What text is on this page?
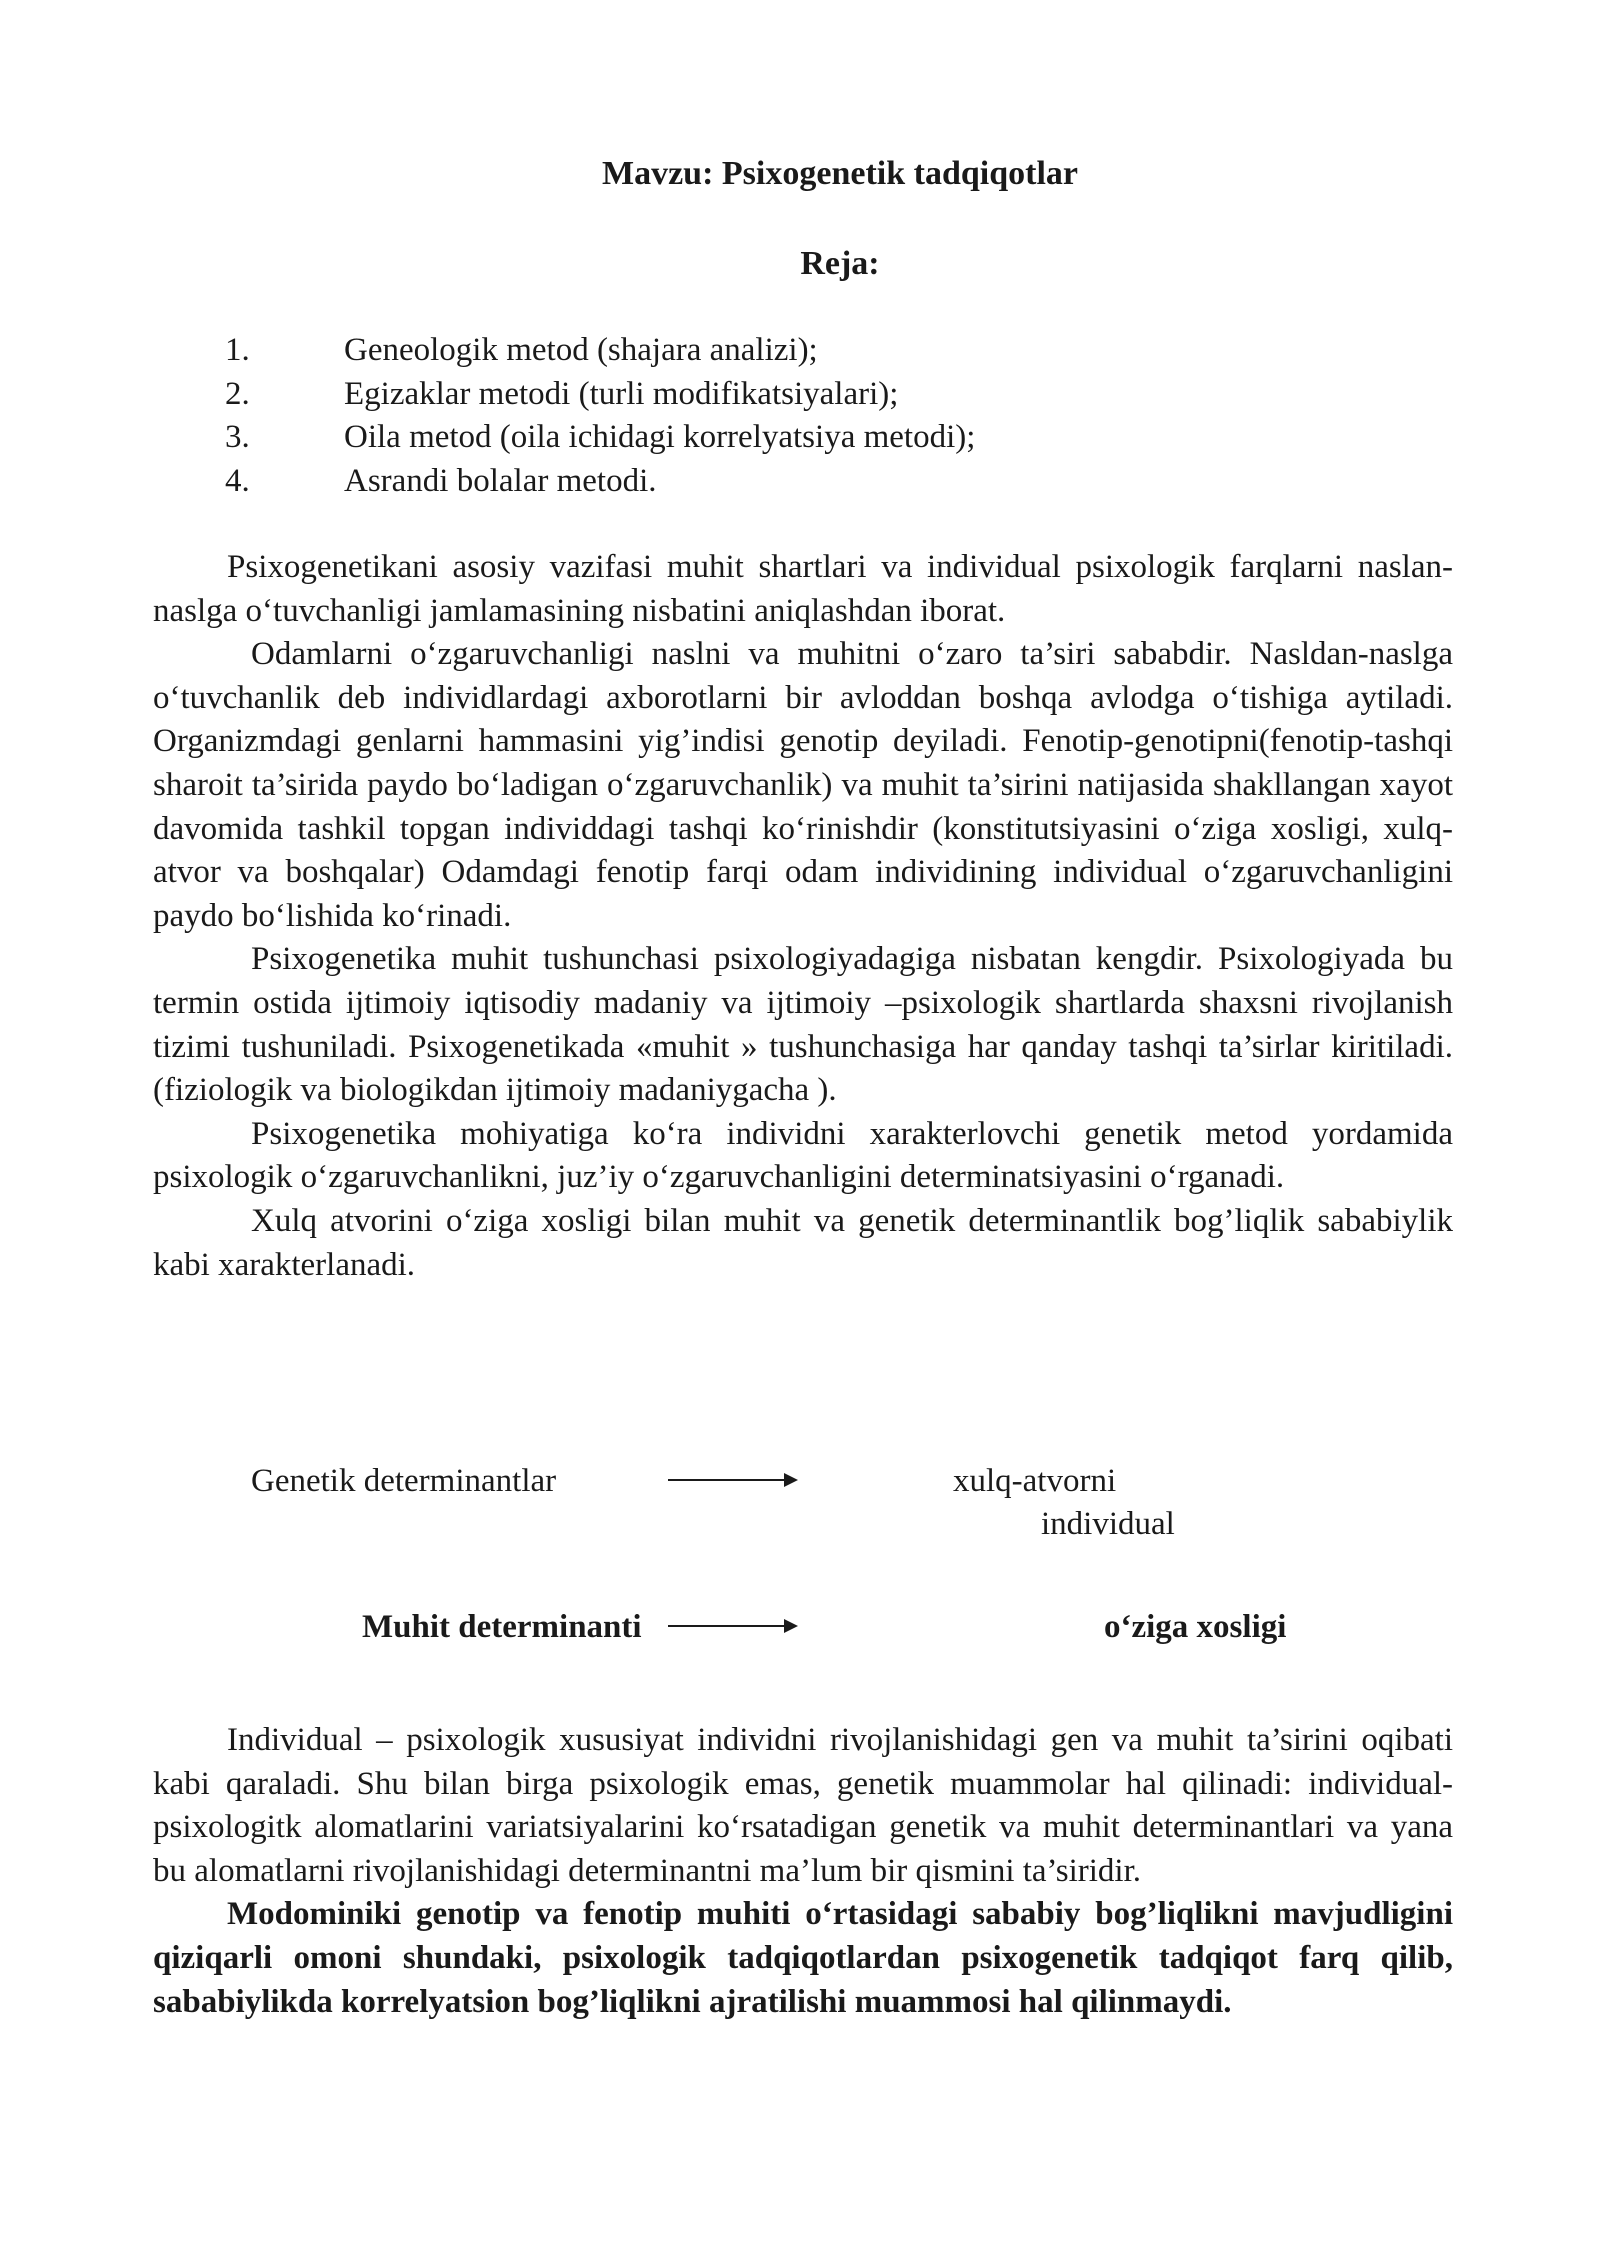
Mavzu: Psixogenetik tadqiqotlar
Reja:
1.	Geneologik metod (shajara analizi);
2.	Egizaklar metodi (turli modifikatsiyalari);
3.	Oila metod (oila ichidagi korrelyatsiya metodi);
4.	Asrandi bolalar metodi.

Psixogenetikani asosiy vazifasi muhit shartlari va individual psixologik farqlarni naslan-naslga o‘tuvchanligi jamlamasining nisbatini aniqlashdan iborat.

Odamlarni o‘zgaruvchanligi naslni va muhitni o‘zaro ta’siri sababdir. Nasldan-naslga o‘tuvchanlik deb individlardagi axborotlarni bir avloddan boshqa avlodga o‘tishiga aytiladi. Organizmdagi genlarni hammasini yig’indisi genotip deyiladi. Fenotip-genotipni(fenotip-tashqi sharoit ta’sirida paydo bo‘ladigan o‘zgaruvchanlik) va muhit ta’sirini natijasida shakllangan xayot davomida tashkil topgan individdagi tashqi ko‘rinishdir (konstitutsiyasini o‘ziga xosligi, xulq-atvor va boshqalar) Odamdagi fenotip farqi odam individining individual o‘zgaruvchanligini paydo bo‘lishida ko‘rinadi.

Psixogenetika muhit tushunchasi psixologiyadagiga nisbatan kengdir. Psixologiyada bu termin ostida ijtimoiy iqtisodiy madaniy va ijtimoiy –psixologik shartlarda shaxsni rivojlanish tizimi tushuniladi. Psixogenetikada «muhit » tushunchasiga har qanday tashqi ta’sirlar kiritiladi. (fiziologik va biologikdan ijtimoiy madaniygacha ).

Psixogenetika mohiyatiga ko‘ra individni xarakterlovchi genetik metod yordamida psixologik o‘zgaruvchanlikni, juz’iy o‘zgaruvchanligini determinatsiyasini o‘rganadi.

Xulq atvorini o‘ziga xosligi bilan muhit va genetik determinantlik bog’liqlik sababiylik kabi xarakterlanadi.

Genetik determinantlar	xulq-atvorni
individual
Muhit determinanti	o‘ziga xosligi

Individual – psixologik xususiyat individni rivojlanishidagi gen va muhit ta’sirini oqibati kabi qaraladi. Shu bilan birga psixologik emas, genetik muammolar hal qilinadi: individual-psixologitk alomatlarini variatsiyalarini ko‘rsatadigan genetik va muhit determinantlari va yana bu alomatlarni rivojlanishidagi determinantni ma’lum bir qismini ta’siridir.

Modominiki genotip va fenotip muhiti o‘rtasidagi sababiy bog’liqlikni mavjudligini qiziqarli omoni shundaki, psixologik tadqiqotlardan psixogenetik tadqiqot farq qilib, sababiylikda korrelyatsion bog’liqlikni ajratilishi muammosi hal qilinmaydi.
